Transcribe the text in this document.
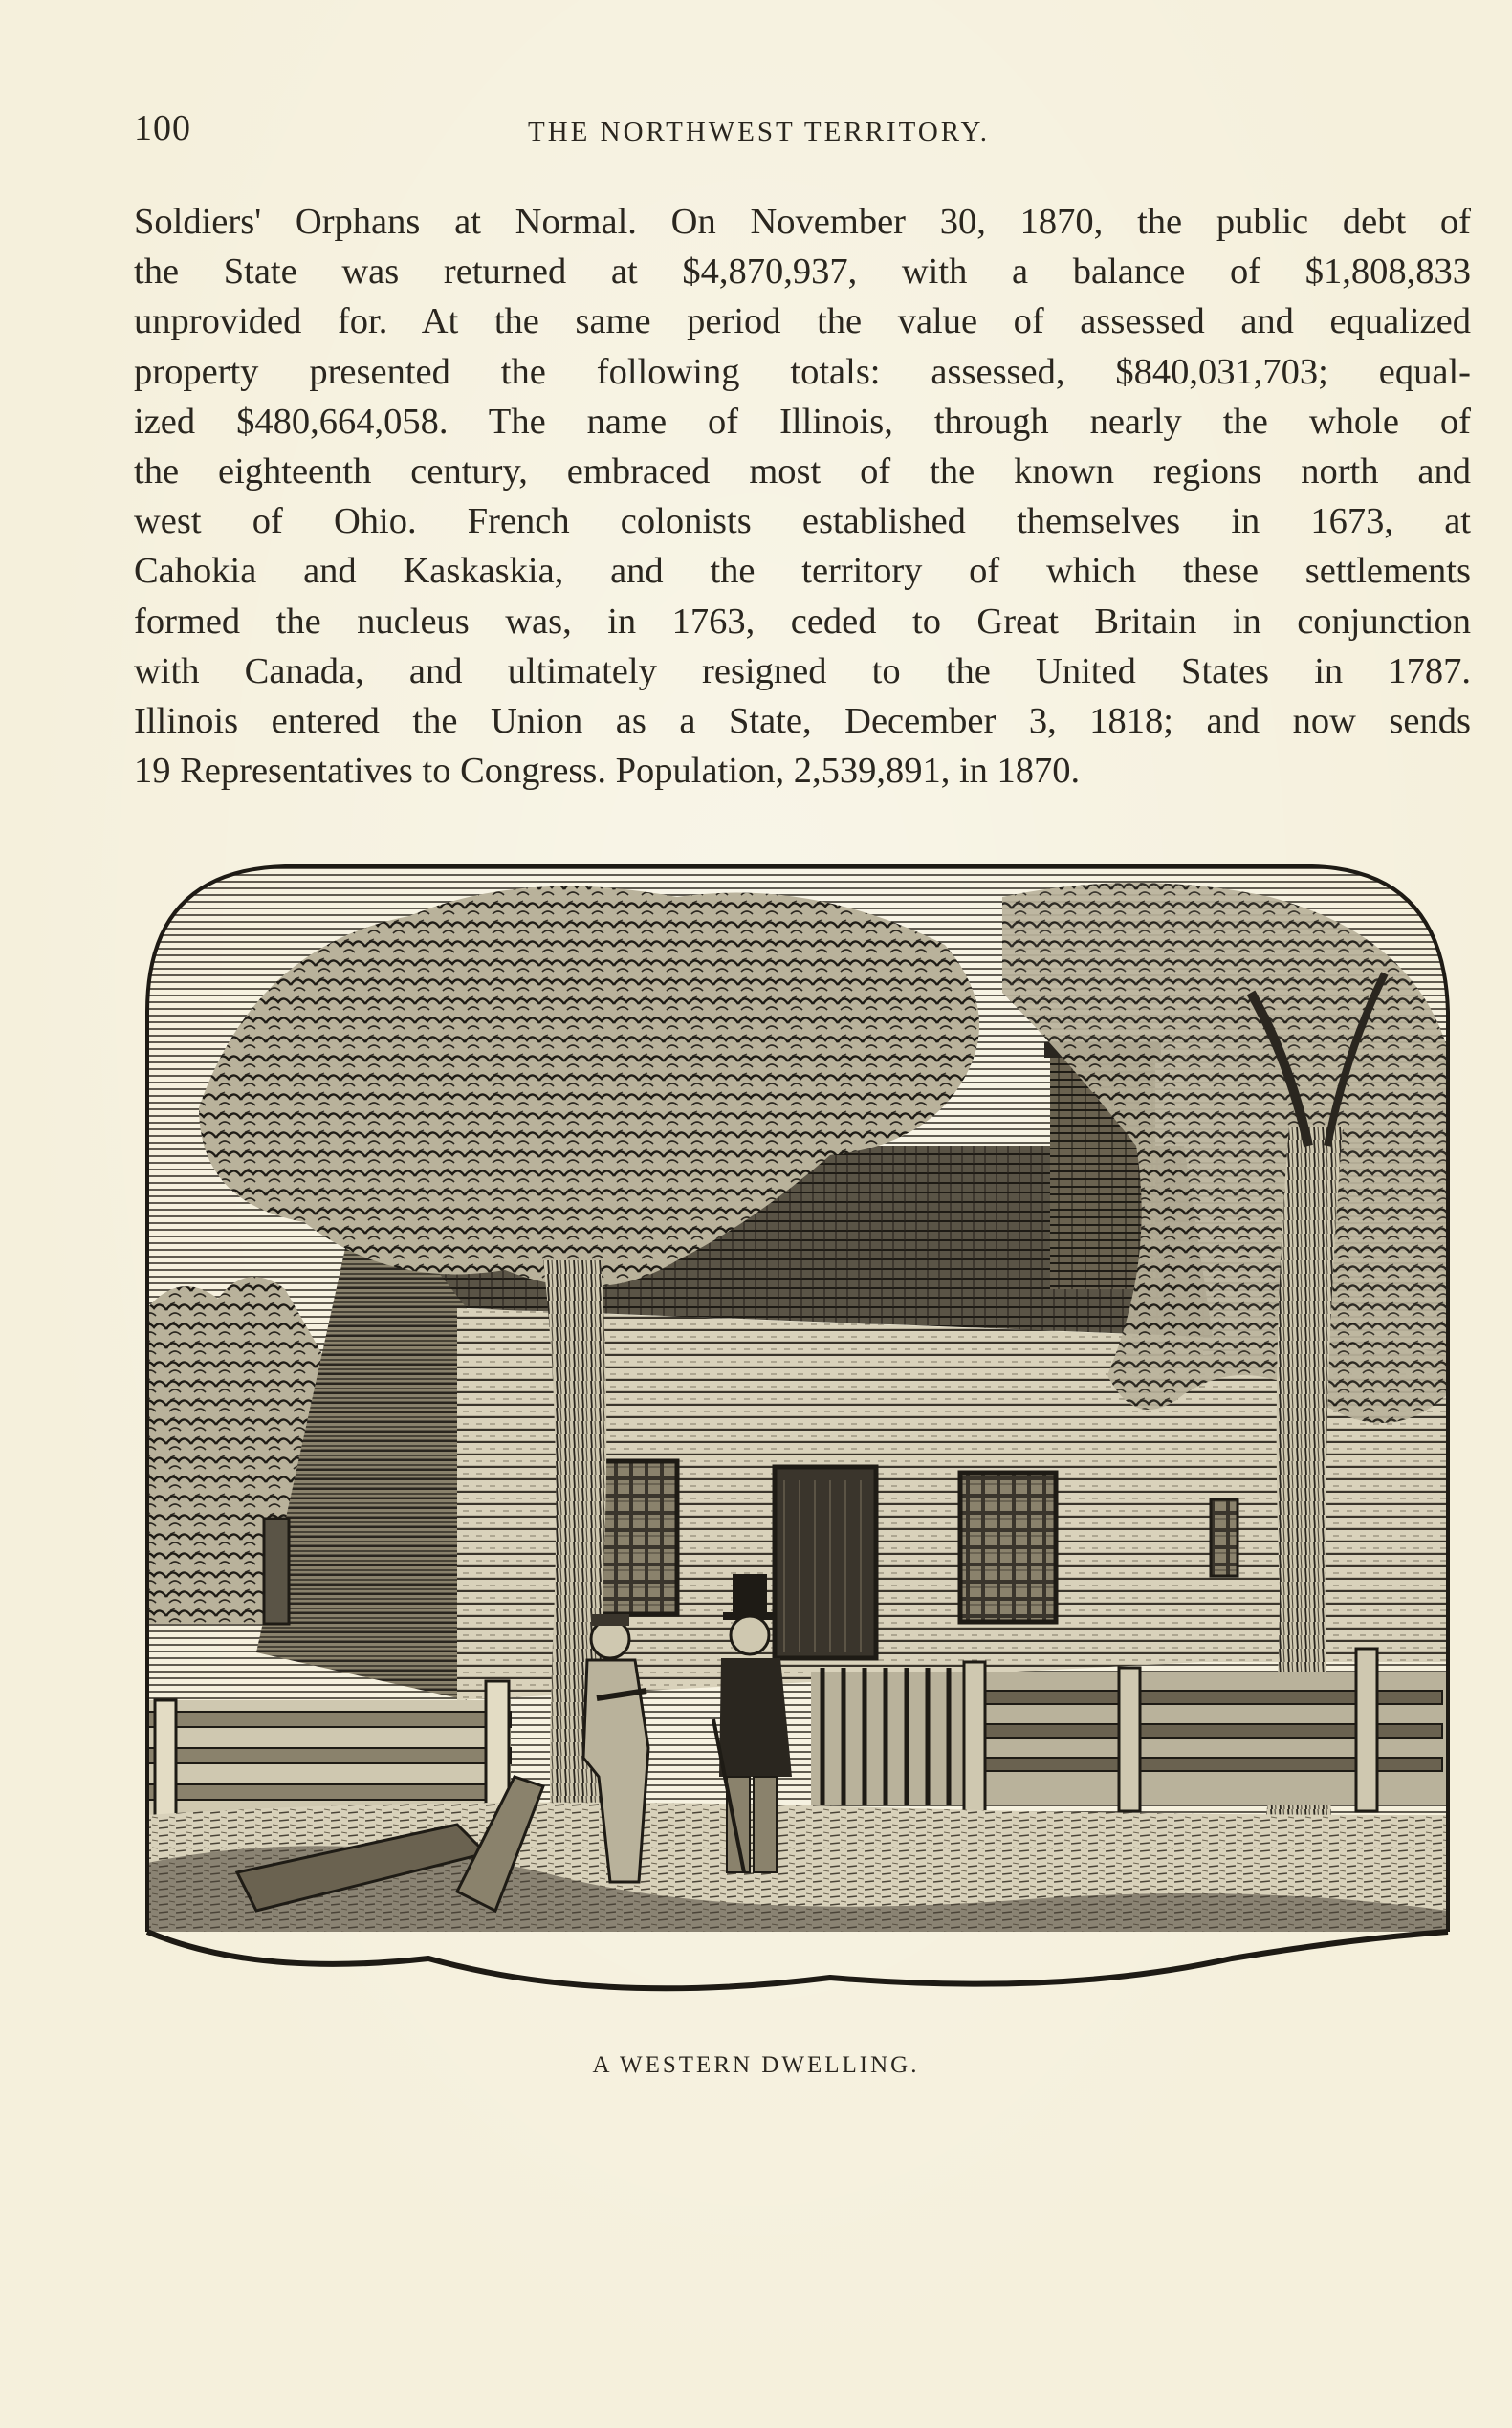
100	THE NORTHWEST TERRITORY.
Soldiers' Orphans at Normal. On November 30, 1870, the public debt of
the State was returned at $4,870,937, with a balance of $1,808,833
unprovided for. At the same period the value of assessed and equalized
property presented the following totals: assessed, $840,031,703; equal-
ized $480,664,058. The name of Illinois, through nearly the whole of
the eighteenth century, embraced most of the known regions north and
west of Ohio. French colonists established themselves in 1673, at
Cahokia and Kaskaskia, and the territory of which these settlements
formed the nucleus was, in 1763, ceded to Great Britain in conjunction
with Canada, and ultimately resigned to the United States in 1787.
Illinois entered the Union as a State, December 3, 1818; and now sends
19 Representatives to Congress. Population, 2,539,891, in 1870.
A WESTERN DWELLING.
